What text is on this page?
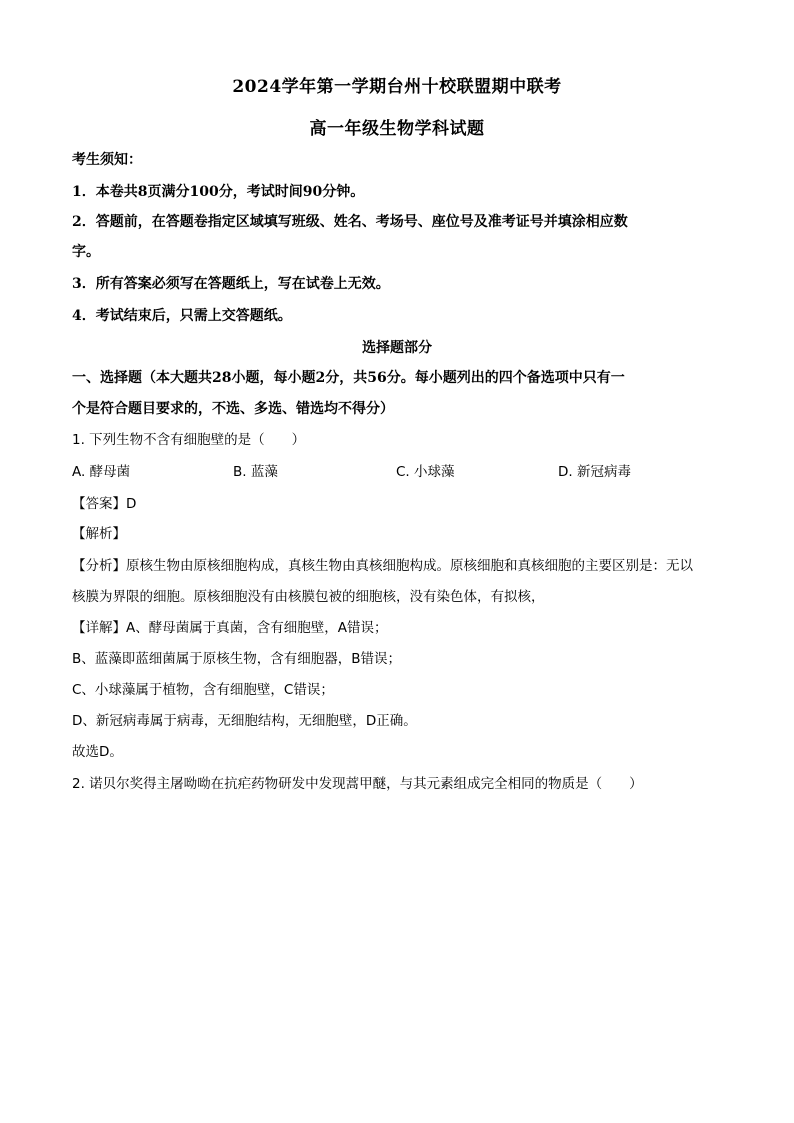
2024学年第一学期台州十校联盟期中联考
高一年级生物学科试题
考生须知：
1．本卷共8页满分100分，考试时间90分钟。
2．答题前，在答题卷指定区域填写班级、姓名、考场号、座位号及准考证号并填涂相应数
字。
3．所有答案必须写在答题纸上，写在试卷上无效。
4．考试结束后，只需上交答题纸。
选择题部分
一、选择题（本大题共28小题，每小题2分，共56分。每小题列出的四个备选项中只有一
个是符合题目要求的，不选、多选、错选均不得分）
1. 下列生物不含有细胞壁的是（　　）
A. 酵母菌	B. 蓝藻	C. 小球藻	D. 新冠病毒
【答案】D
【解析】
【分析】原核生物由原核细胞构成，真核生物由真核细胞构成。原核细胞和真核细胞的主要区别是：无以
核膜为界限的细胞。原核细胞没有由核膜包被的细胞核，没有染色体，有拟核，
【详解】A、酵母菌属于真菌，含有细胞壁，A错误；
B、蓝藻即蓝细菌属于原核生物，含有细胞器，B错误；
C、小球藻属于植物，含有细胞壁，C错误；
D、新冠病毒属于病毒，无细胞结构，无细胞壁，D正确。
故选D。
2. 诺贝尔奖得主屠呦呦在抗疟药物研发中发现蒿甲醚，与其元素组成完全相同的物质是（　　）
